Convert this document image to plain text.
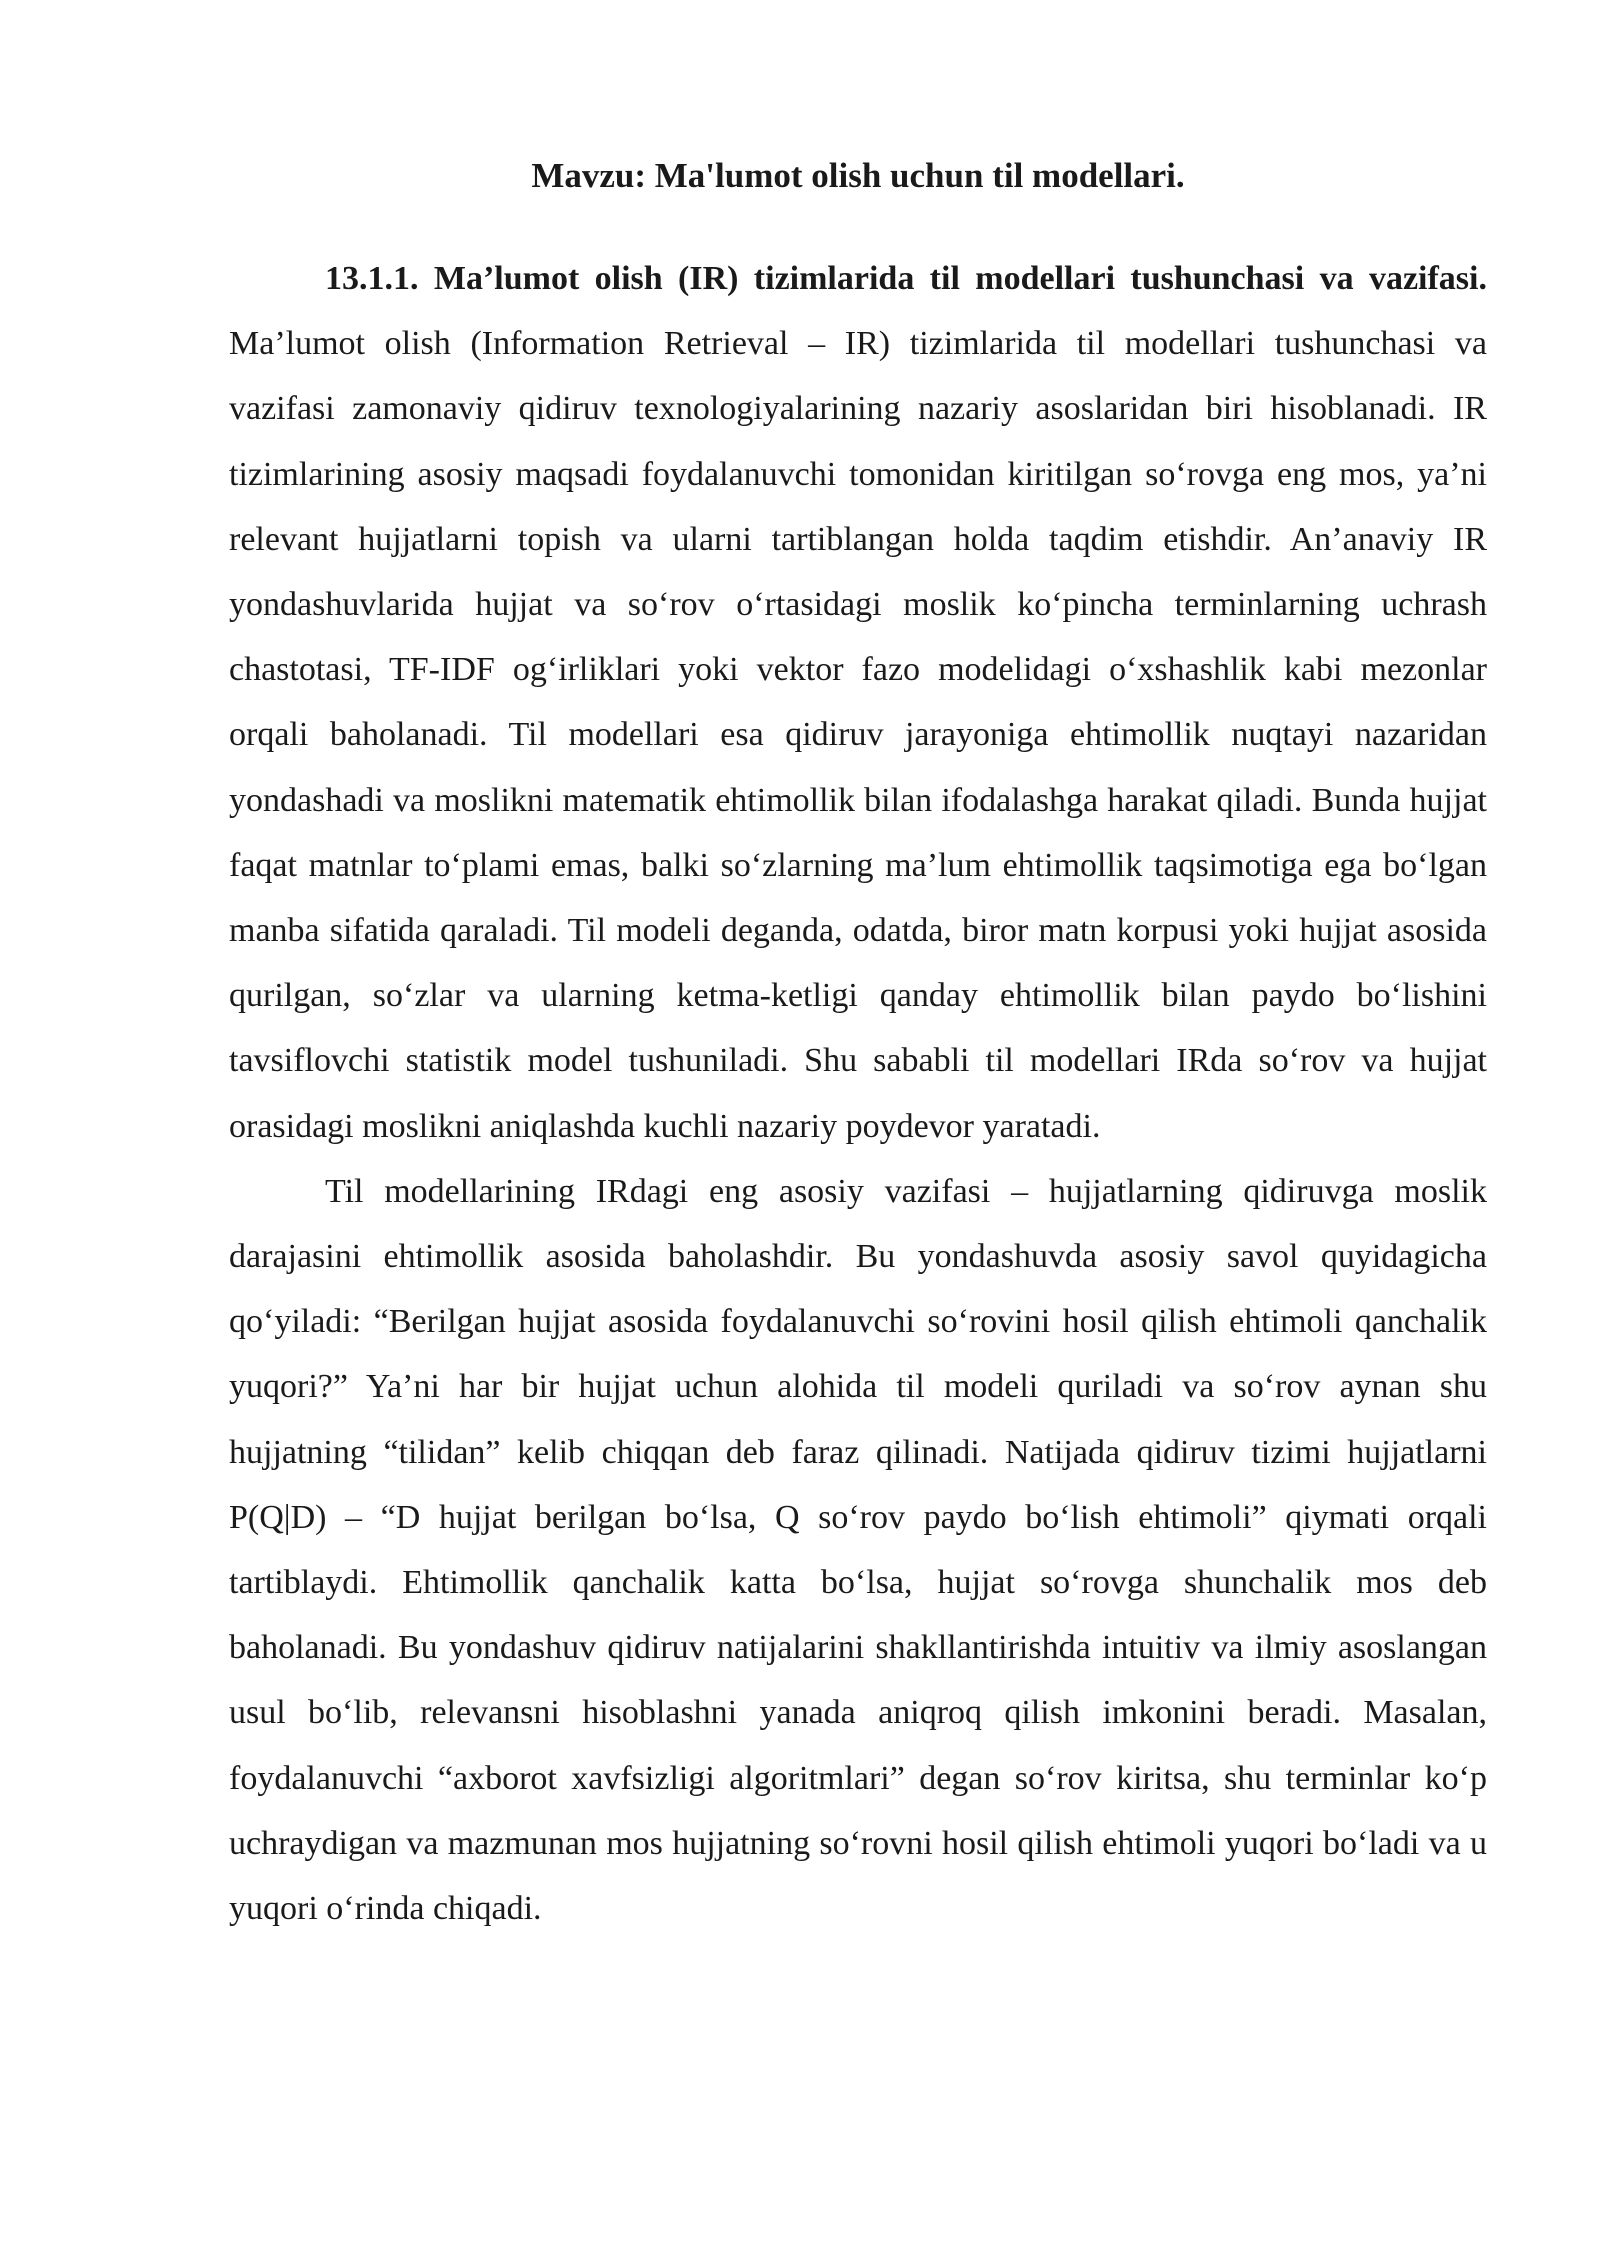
Mavzu: Ma'lumot olish uchun til modellari.

13.1.1. Ma’lumot olish (IR) tizimlarida til modellari tushunchasi va vazifasi. Ma’lumot olish (Information Retrieval – IR) tizimlarida til modellari tushunchasi va vazifasi zamonaviy qidiruv texnologiyalarining nazariy asoslaridan biri hisoblanadi. IR tizimlarining asosiy maqsadi foydalanuvchi tomonidan kiritilgan so‘rovga eng mos, ya’ni relevant hujjatlarni topish va ularni tartiblangan holda taqdim etishdir. An’anaviy IR yondashuvlarida hujjat va so‘rov o‘rtasidagi moslik ko‘pincha terminlarning uchrash chastotasi, TF-IDF og‘irliklari yoki vektor fazo modelidagi o‘xshashlik kabi mezonlar orqali baholanadi. Til modellari esa qidiruv jarayoniga ehtimollik nuqtayi nazaridan yondashadi va moslikni matematik ehtimollik bilan ifodalashga harakat qiladi. Bunda hujjat faqat matnlar to‘plami emas, balki so‘zlarning ma’lum ehtimollik taqsimotiga ega bo‘lgan manba sifatida qaraladi. Til modeli deganda, odatda, biror matn korpusi yoki hujjat asosida qurilgan, so‘zlar va ularning ketma-ketligi qanday ehtimollik bilan paydo bo‘lishini tavsiflovchi statistik model tushuniladi. Shu sababli til modellari IRda so‘rov va hujjat orasidagi moslikni aniqlashda kuchli nazariy poydevor yaratadi.

Til modellarining IRdagi eng asosiy vazifasi – hujjatlarning qidiruvga moslik darajasini ehtimollik asosida baholashdir. Bu yondashuvda asosiy savol quyidagicha qo‘yiladi: “Berilgan hujjat asosida foydalanuvchi so‘rovini hosil qilish ehtimoli qanchalik yuqori?” Ya’ni har bir hujjat uchun alohida til modeli quriladi va so‘rov aynan shu hujjatning “tilidan” kelib chiqqan deb faraz qilinadi. Natijada qidiruv tizimi hujjatlarni P(Q|D) – “D hujjat berilgan bo‘lsa, Q so‘rov paydo bo‘lish ehtimoli” qiymati orqali tartiblaydi. Ehtimollik qanchalik katta bo‘lsa, hujjat so‘rovga shunchalik mos deb baholanadi. Bu yondashuv qidiruv natijalarini shakllantirishda intuitiv va ilmiy asoslangan usul bo‘lib, relevansni hisoblashni yanada aniqroq qilish imkonini beradi. Masalan, foydalanuvchi “axborot xavfsizligi algoritmlari” degan so‘rov kiritsa, shu terminlar ko‘p uchraydigan va mazmunan mos hujjatning so‘rovni hosil qilish ehtimoli yuqori bo‘ladi va u yuqori o‘rinda chiqadi.
